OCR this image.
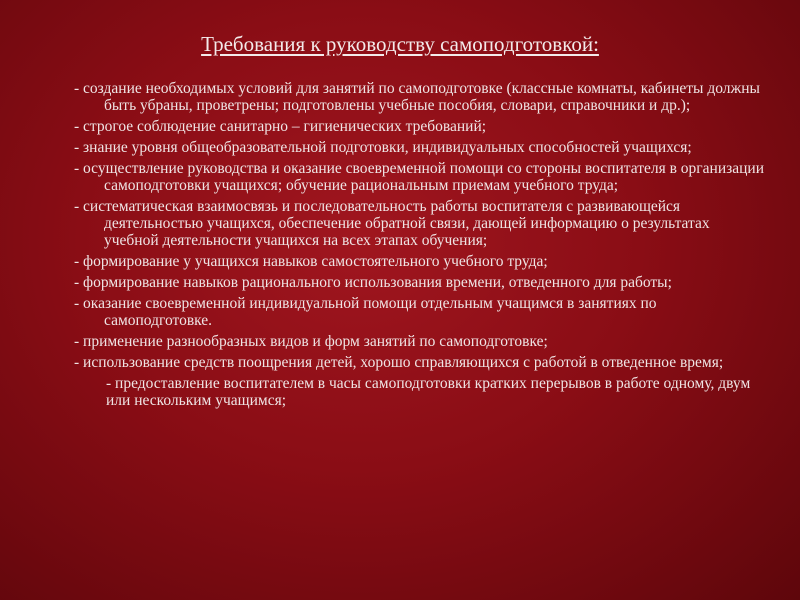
Требования к руководству самоподготовкой:
- создание необходимых условий для занятий по самоподготовке (классные комнаты, кабинеты должны быть убраны, проветрены; подготовлены учебные пособия, словари, справочники и др.);
- строгое соблюдение санитарно – гигиенических требований;
- знание уровня общеобразовательной подготовки, индивидуальных способностей учащихся;
- осуществление руководства и оказание своевременной помощи со стороны воспитателя в организации самоподготовки учащихся; обучение рациональным приемам учебного труда;
- систематическая взаимосвязь и последовательность работы воспитателя с развивающейся деятельностью учащихся, обеспечение обратной связи, дающей информацию о результатах учебной деятельности учащихся на всех этапах обучения;
- формирование у учащихся навыков самостоятельного учебного труда;
- формирование навыков рационального использования времени, отведенного для работы;
- оказание своевременной индивидуальной помощи отдельным учащимся в занятиях по самоподготовке.
- применение разнообразных видов и форм занятий по самоподготовке;
- использование средств поощрения детей, хорошо справляющихся с работой в отведенное время;
- предоставление воспитателем в часы самоподготовки кратких перерывов в работе одному, двум или нескольким учащимся;
